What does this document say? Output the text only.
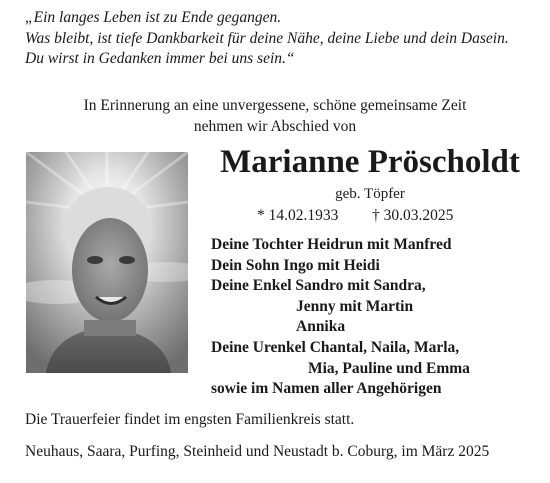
„Ein langes Leben ist zu Ende gegangen.
Was bleibt, ist tiefe Dankbarkeit für deine Nähe, deine Liebe und dein Dasein.
Du wirst in Gedanken immer bei uns sein.“
In Erinnerung an eine unvergessene, schöne gemeinsame Zeit
nehmen wir Abschied von
Marianne Pröscholdt
geb. Töpfer
* 14.02.1933 † 30.03.2025
Deine Tochter Heidrun mit Manfred
Dein Sohn Ingo mit Heidi
Deine Enkel Sandro mit Sandra,
Jenny mit Martin
Annika
Deine Urenkel Chantal, Naila, Marla,
Mia, Pauline und Emma
sowie im Namen aller Angehörigen
Die Trauerfeier findet im engsten Familienkreis statt.
Neuhaus, Saara, Purfing, Steinheid und Neustadt b. Coburg, im März 2025
